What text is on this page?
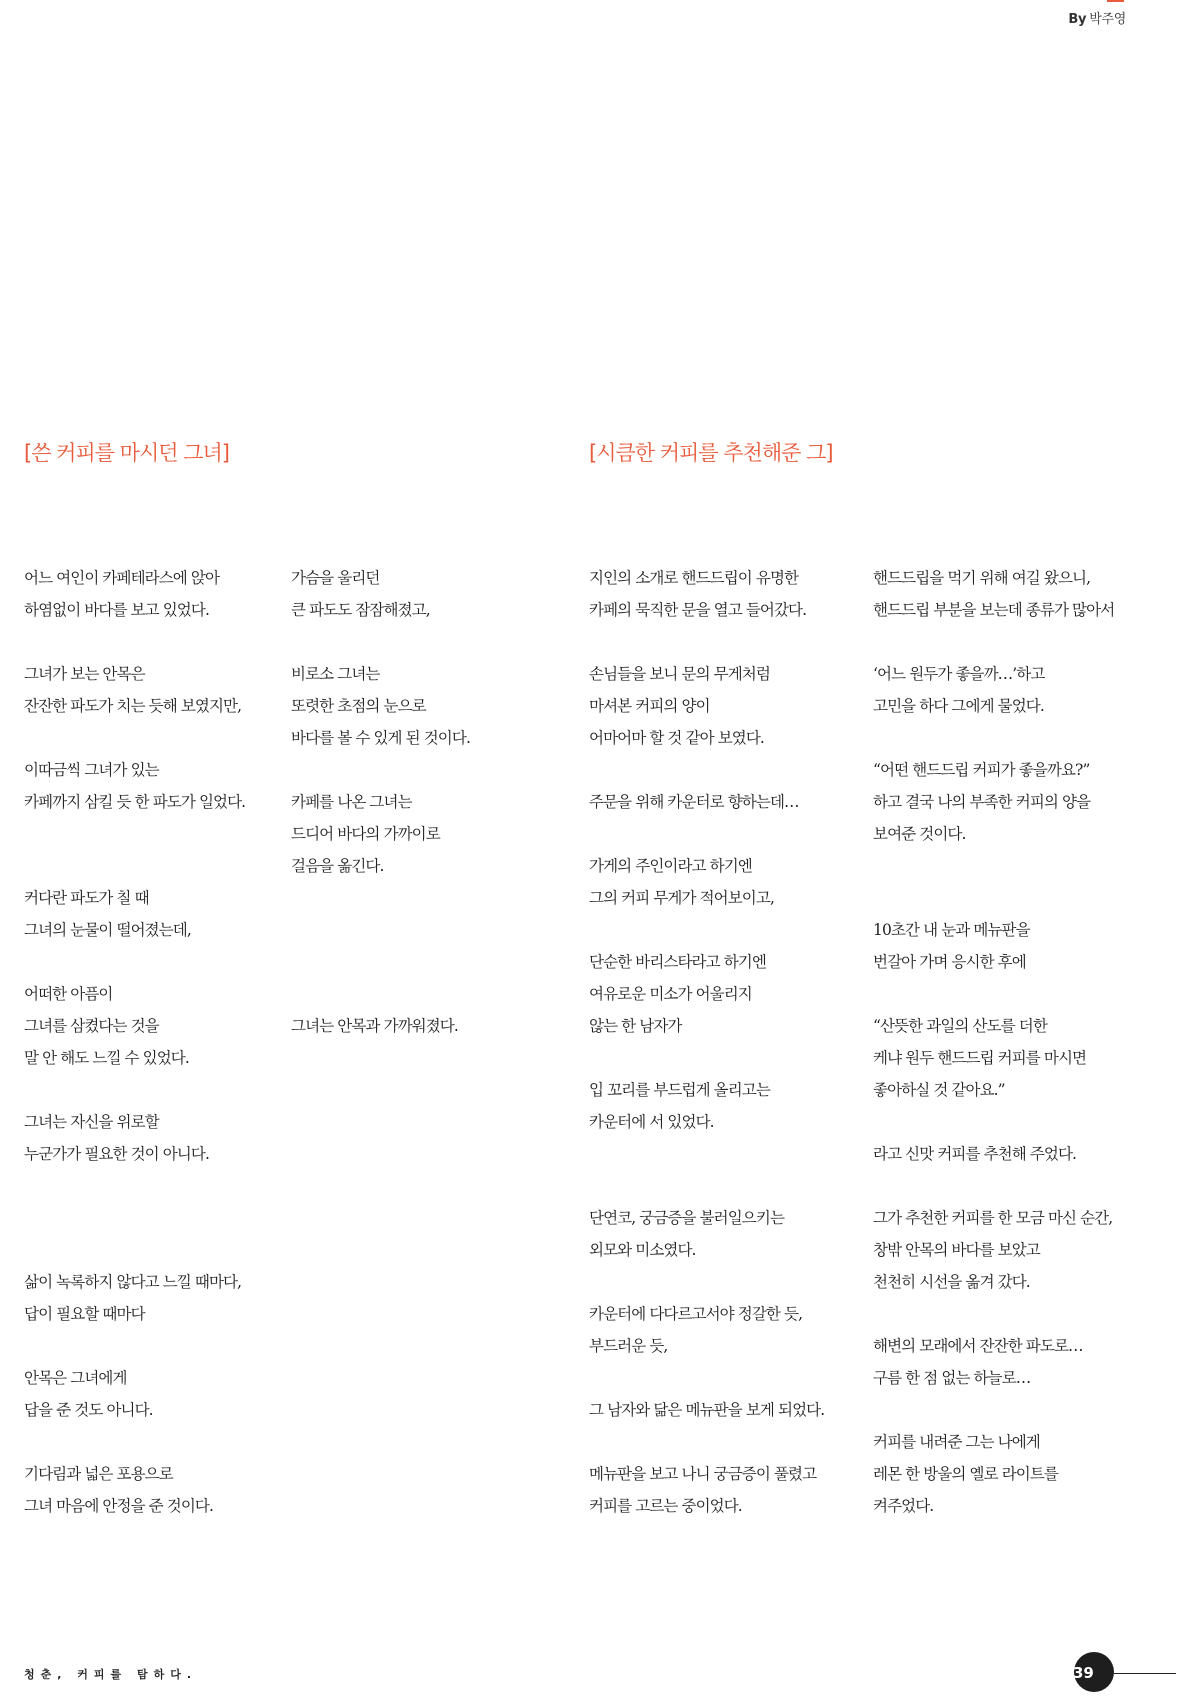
By 박주영
[쓴 커피를 마시던 그녀]	[시큼한 커피를 추천해준 그]
어느 여인이 카페테라스에 앉아
하염없이 바다를 보고 있었다.
그녀가 보는 안목은
잔잔한 파도가 치는 듯해 보였지만,
이따금씩 그녀가 있는
카페까지 삼킬 듯 한 파도가 일었다.

커다란 파도가 칠 때
그녀의 눈물이 떨어졌는데,
어떠한 아픔이
그녀를 삼켰다는 것을
말 안 해도 느낄 수 있었다.
그녀는 자신을 위로할
누군가가 필요한 것이 아니다.

삶이 녹록하지 않다고 느낄 때마다,
답이 필요할 때마다
안목은 그녀에게
답을 준 것도 아니다.
기다림과 넓은 포용으로
그녀 마음에 안정을 준 것이다.
가슴을 울리던
큰 파도도 잠잠해졌고,
비로소 그녀는
또렷한 초점의 눈으로
바다를 볼 수 있게 된 것이다.
카페를 나온 그녀는
드디어 바다의 가까이로
걸음을 옮긴다.

그녀는 안목과 가까워졌다.
지인의 소개로 핸드드립이 유명한
카페의 묵직한 문을 열고 들어갔다.
손님들을 보니 문의 무게처럼
마셔본 커피의 양이
어마어마 할 것 같아 보였다.
주문을 위해 카운터로 향하는데…
가게의 주인이라고 하기엔
그의 커피 무게가 적어보이고,
단순한 바리스타라고 하기엔
여유로운 미소가 어울리지
않는 한 남자가
입 꼬리를 부드럽게 올리고는
카운터에 서 있었다.

단연코, 궁금증을 불러일으키는
외모와 미소였다.
카운터에 다다르고서야 정갈한 듯,
부드러운 듯,
그 남자와 닮은 메뉴판을 보게 되었다.
메뉴판을 보고 나니 궁금증이 풀렸고
커피를 고르는 중이었다.
핸드드립을 먹기 위해 여길 왔으니,
핸드드립 부분을 보는데 종류가 많아서
‘어느 원두가 좋을까…’하고
고민을 하다 그에게 물었다.
“어떤 핸드드립 커피가 좋을까요?”
하고 결국 나의 부족한 커피의 양을
보여준 것이다.

10초간 내 눈과 메뉴판을
번갈아 가며 응시한 후에
“산뜻한 과일의 산도를 더한
케냐 원두 핸드드립 커피를 마시면
좋아하실 것 같아요.”
라고 신맛 커피를 추천해 주었다.
그가 추천한 커피를 한 모금 마신 순간,
창밖 안목의 바다를 보았고
천천히 시선을 옮겨 갔다.
해변의 모래에서 잔잔한 파도로…
구름 한 점 없는 하늘로…
커피를 내려준 그는 나에게
레몬 한 방울의 옐로 라이트를
켜주었다.
청춘, 커피를 탐하다.	39
